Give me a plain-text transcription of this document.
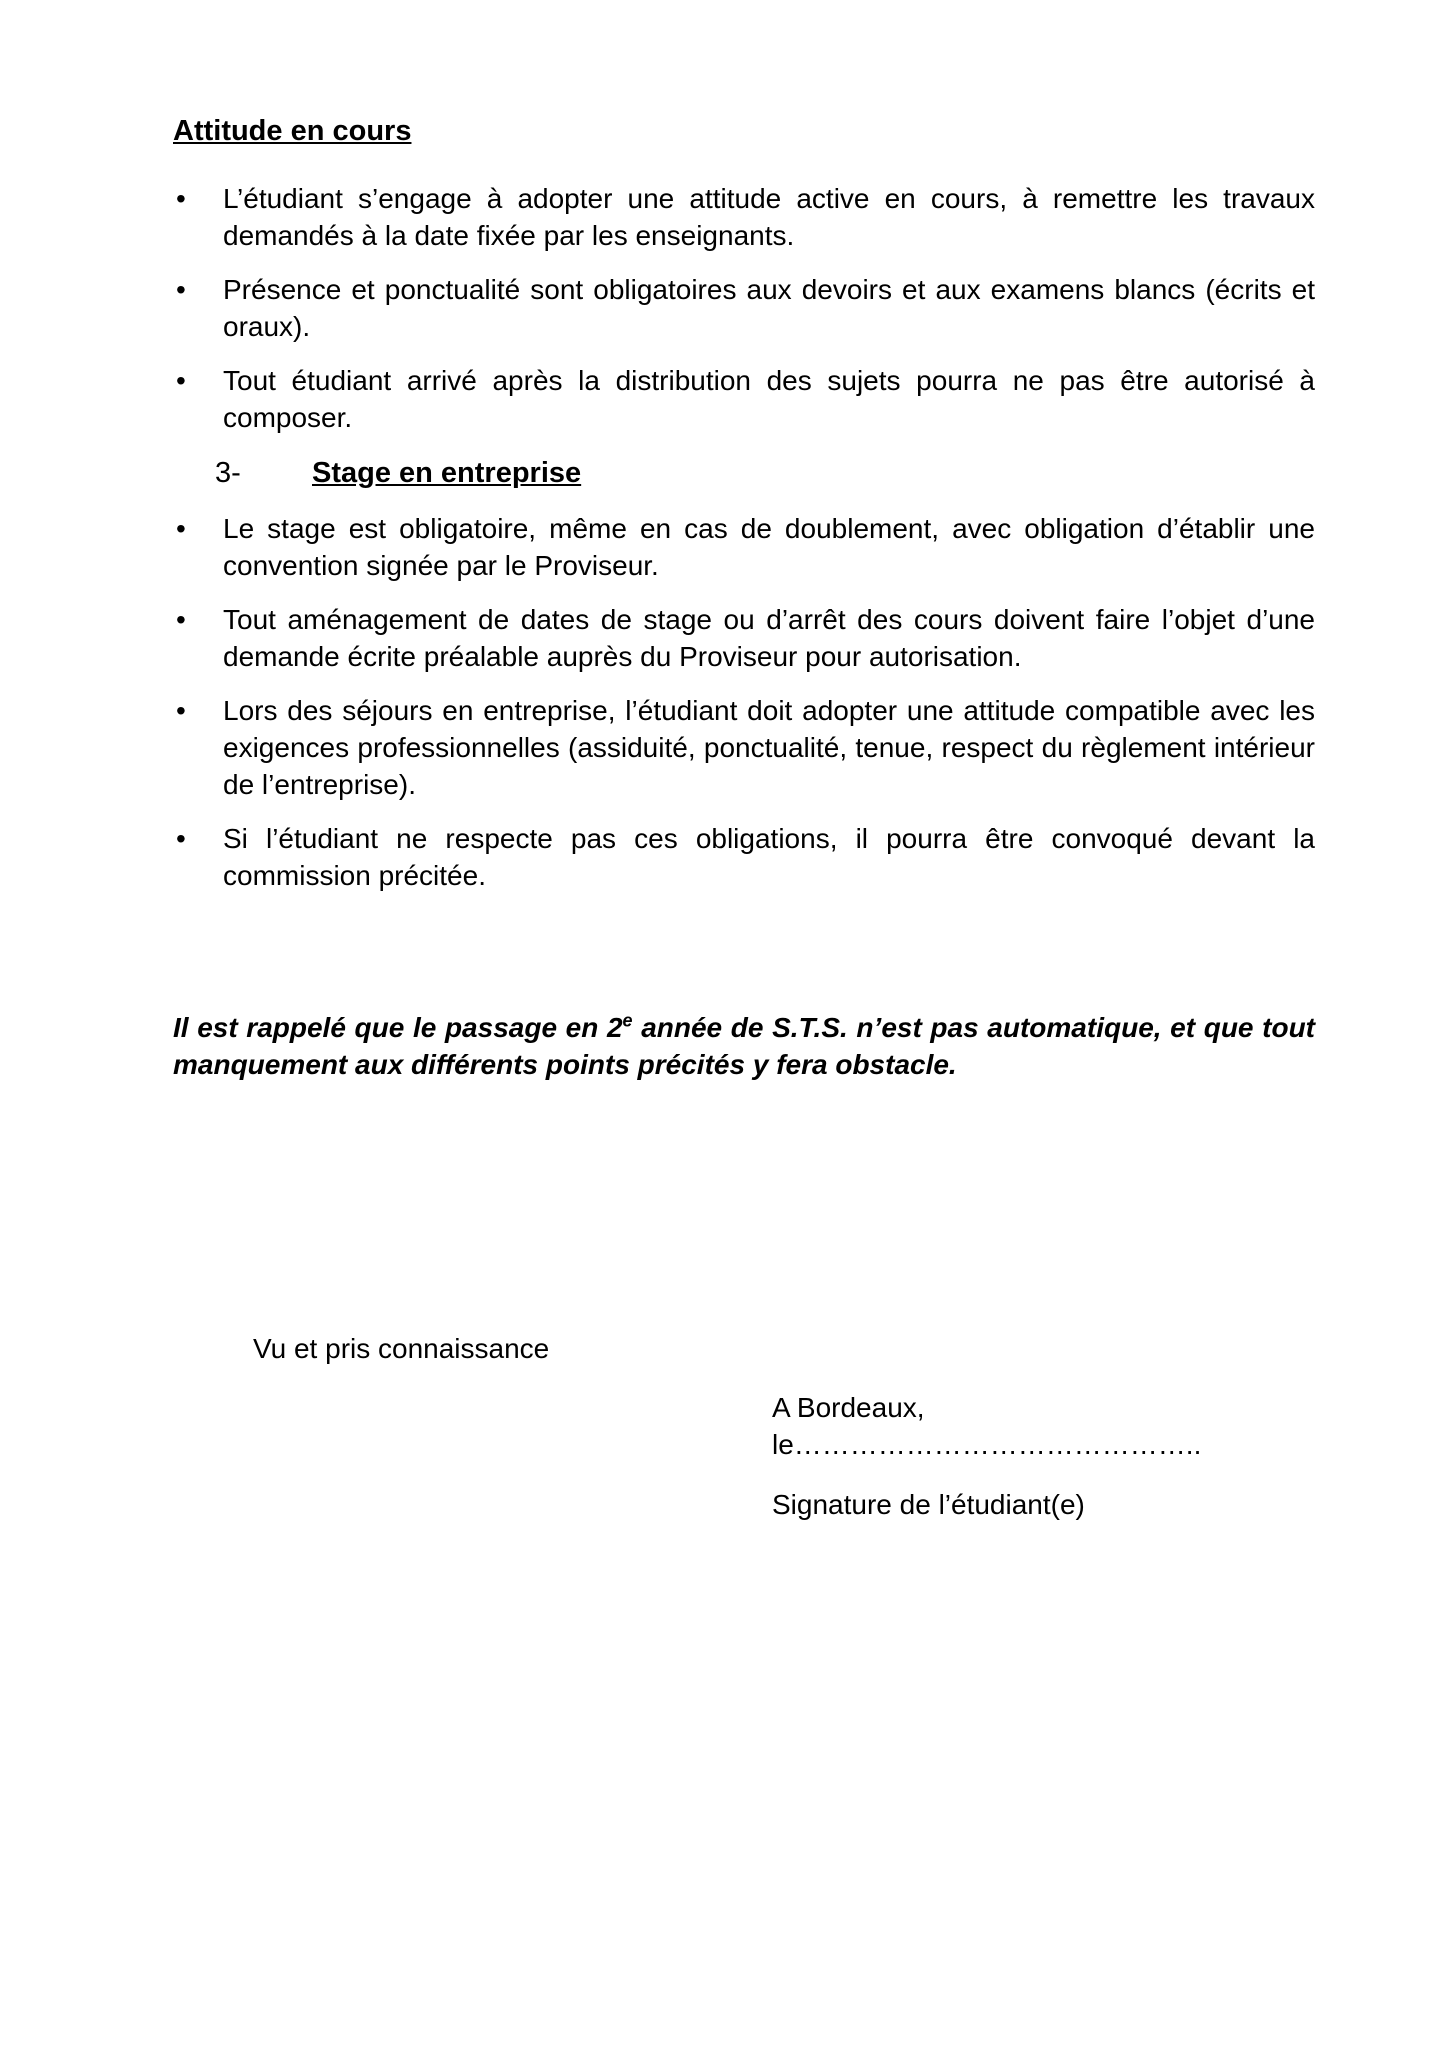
Attitude en cours
• L’étudiant s’engage à adopter une attitude active en cours, à remettre les travaux demandés à la date fixée par les enseignants.
• Présence et ponctualité sont obligatoires aux devoirs et aux examens blancs (écrits et oraux).
• Tout étudiant arrivé après la distribution des sujets pourra ne pas être autorisé à composer.
3- Stage en entreprise
• Le stage est obligatoire, même en cas de doublement, avec obligation d’établir une convention signée par le Proviseur.
• Tout aménagement de dates de stage ou d’arrêt des cours doivent faire l’objet d’une demande écrite préalable auprès du Proviseur pour autorisation.
• Lors des séjours en entreprise, l’étudiant doit adopter une attitude compatible avec les exigences professionnelles (assiduité, ponctualité, tenue, respect du règlement intérieur de l’entreprise).
• Si l’étudiant ne respecte pas ces obligations, il pourra être convoqué devant la commission précitée.

Il est rappelé que le passage en 2e année de S.T.S. n’est pas automatique, et que tout manquement aux différents points précités y fera obstacle.

Vu et pris connaissance

A Bordeaux, le……………………………………..

Signature de l’étudiant(e)
